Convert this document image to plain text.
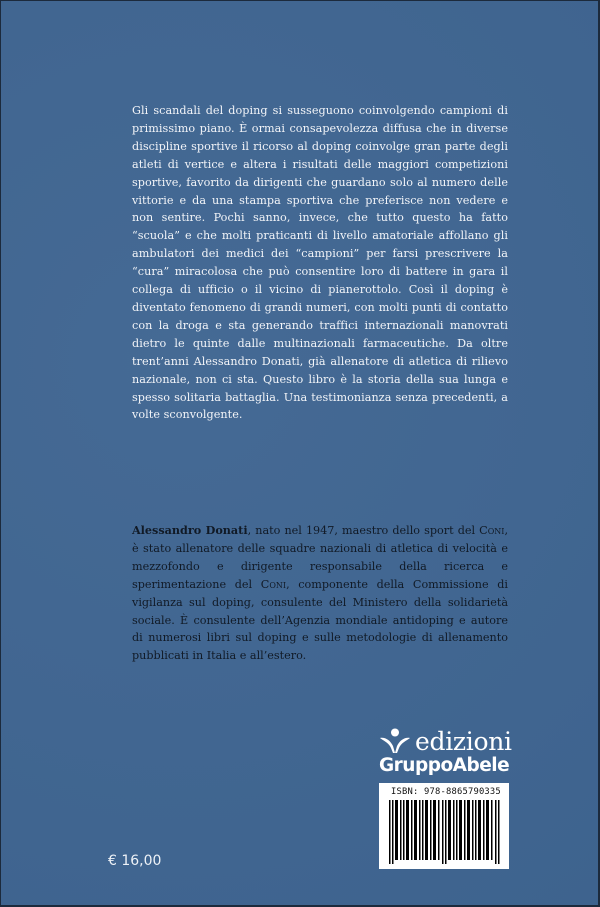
Gli scandali del doping si susseguono coinvolgendo campioni di primissimo piano. È ormai consapevolezza diffusa che in diverse discipline sportive il ricorso al doping coinvolge gran parte degli atleti di vertice e altera i risultati delle maggiori competizioni sportive, favorito da dirigenti che guardano solo al numero delle vittorie e da una stampa sportiva che preferisce non vedere e non sentire. Pochi sanno, invece, che tutto questo ha fatto “scuola” e che molti praticanti di livello amatoriale affollano gli ambulatori dei medici dei “campioni” per farsi prescrivere la “cura” miracolosa che può consentire loro di battere in gara il collega di ufficio o il vicino di pianerottolo. Così il doping è diventato fenomeno di grandi numeri, con molti punti di contatto con la droga e sta generando traffici internazionali manovrati dietro le quinte dalle multinazionali farmaceutiche. Da oltre trent’anni Alessandro Donati, già allenatore di atletica di rilievo nazionale, non ci sta. Questo libro è la storia della sua lunga e spesso solitaria battaglia. Una testimonianza senza precedenti, a volte sconvolgente.

Alessandro Donati, nato nel 1947, maestro dello sport del Coni, è stato allenatore delle squadre nazionali di atletica di velocità e mezzofondo e dirigente responsabile della ricerca e sperimentazione del Coni, componente della Commissione di vigilanza sul doping, consulente del Ministero della solidarietà sociale. È consulente dell’Agenzia mondiale antidoping e autore di numerosi libri sul doping e sulle metodologie di allenamento pubblicati in Italia e all’estero.

edizioni
GruppoAbele
ISBN: 978-8865790335
€ 16,00
